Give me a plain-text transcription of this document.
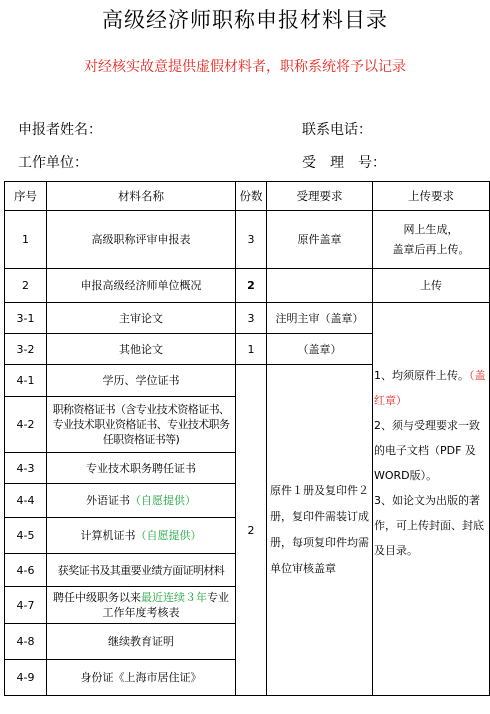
高级经济师职称申报材料目录
对经核实故意提供虚假材料者，职称系统将予以记录
申报者姓名：	联系电话：
工作单位：	受　理　号：
序号	材料名称	份数	受理要求	上传要求
1	高级职称评审申报表	3	原件盖章	网上生成，
盖章后再上传。

2	申报高级经济师单位概况	2		上传
3-1	主审论文	3	注明主审（盖章）	1、均须原件上传。（盖红章）
2、须与受理要求一致的电子文档（PDF 及WORD版）。
3、如论文为出版的著作，可上传封面、封底及目录。

3-2	其他论文	1	（盖章）	
4-1	学历、学位证书	2	原件１册及复印件２册，复印件需装订成册，每项复印件均需单位审核盖章	
4-2	职称资格证书（含专业技术资格证书、专业技术职业资格证书、专业技术职务任职资格证书等)			
4-3	专业技术职务聘任证书			
4-4	外语证书（自愿提供）			
4-5	计算机证书（自愿提供）			
4-6	获奖证书及其重要业绩方面证明材料			
4-7	聘任中级职务以来最近连续３年专业工作年度考核表			
4-8	继续教育证明			
4-9	身份证《上海市居住证》			
